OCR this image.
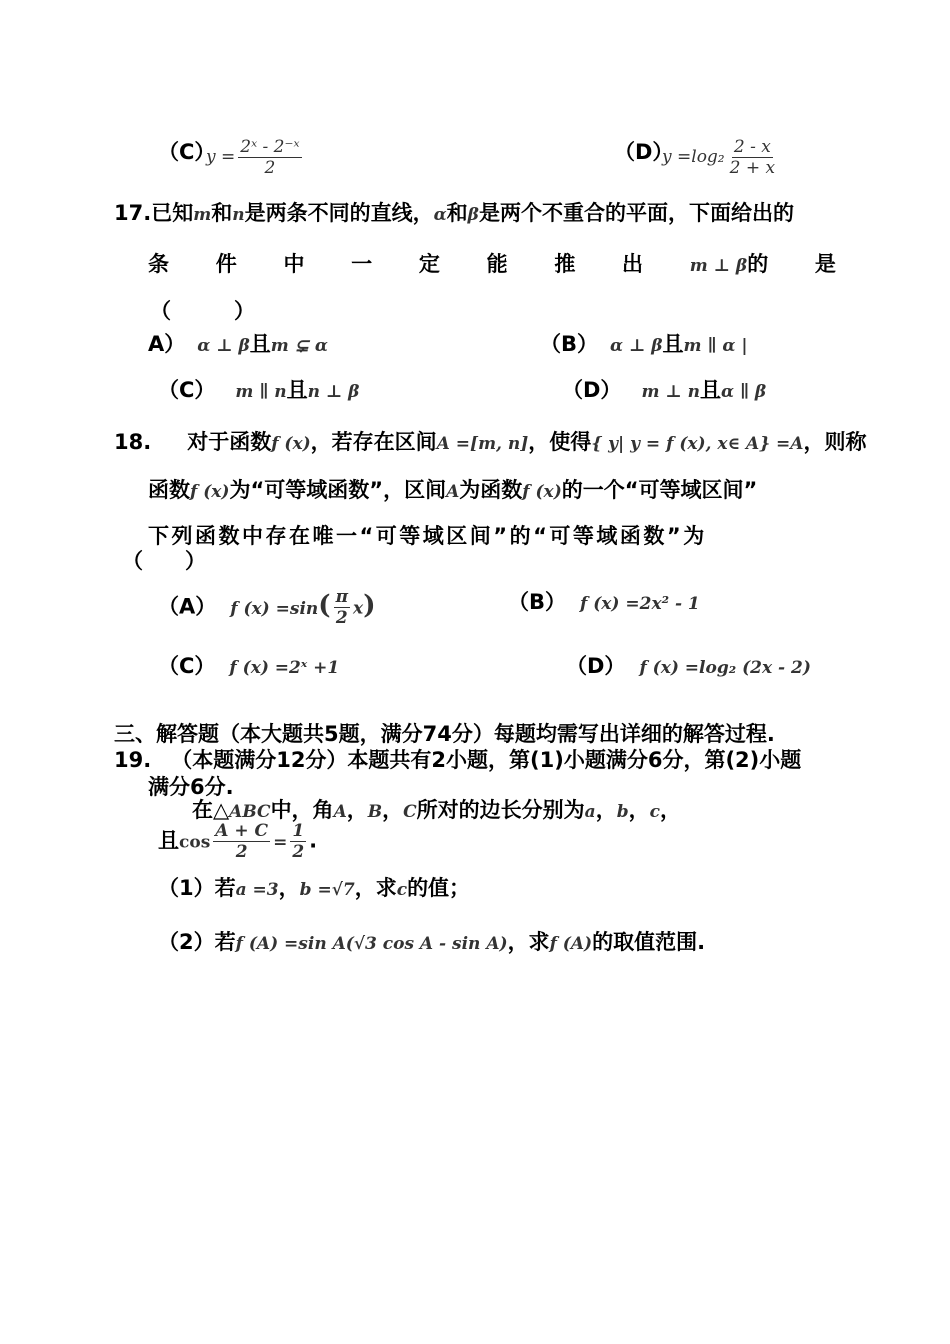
（C）
$y = \frac{\text{2ˣ - 2⁻ˣ}}{2}$	（D）
$y =\log_2 \frac{2 - x}{2 + x}$
17.已知m和n是两条不同的直线，α和β是两个不重合的平面，下面给出的
条 件 中 一 定 能 推 出	m ⊥ β的 是
（　　　）
A） α ⊥ β且m ⊊ α	（B） α ⊥ β且m ∥ α |
（C） m ∥ n且n ⊥ β	（D） m ⊥ n且α ∥ β
18. 对于函数f (x)，若存在区间A =[m, n]，使得{ y| y = f (x), x∈ A} =A，则称
函数f (x)为“可等域函数”，区间A为函数f (x)的一个“可等域区间”
下列函数中存在唯一“可等域区间”的“可等域函数”为
（　　）
（A） f $(x) =\sin( \frac{\pi}{2} x)$	（B） f (x) =2x² - 1
（C） f (x) =2ˣ +1	（D） f (x) =log₂ (2x - 2)
三、解答题（本大题共5题，满分74分）每题均需写出详细的解答过程.
19. （本题满分12分）本题共有2小题，第(1)小题满分6分，第(2)小题
满分6分.
在△ABC中，角A，B，C所对的边长分别为a，b，c，
且$\cos \frac{A + C}{2} = \frac{1}{2}$ .
（1）若a =3，b =√7，求c的值；
（2）若f (A) =sin A(√3 cos A - sin A)，求f (A)的取值范围.
